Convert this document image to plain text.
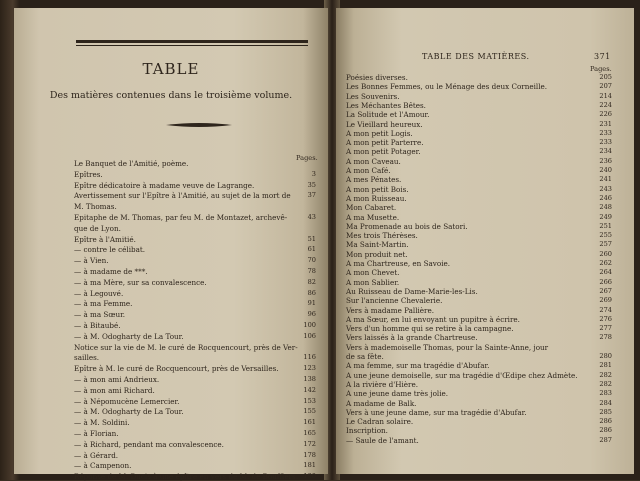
TABLE
Des matières contenues dans le troisième volume.
Pages.
Le Banquet de l'Amitié, poème.
Epîtres.	3
Epître dédicatoire à madame veuve de Lagrange.	35
Avertissement sur l'Epître à l'Amitié, au sujet de la mort de	37
M. Thomas.
Epitaphe de M. Thomas, par feu M. de Montazet, archevê-	43
que de Lyon.
Epître à l'Amitié.	51
— contre le célibat.	61
— à Vien.	70
— à madame de ***.	78
— à ma Mère, sur sa convalescence.	82
— à Legouvé.	86
— à ma Femme.	91
— à ma Sœur.	96
— à Bitaubé.	100
— à M. Odogharty de La Tour.	106
Notice sur la vie de M. le curé de Rocquencourt, près de Ver-
sailles.	116
Epître à M. le curé de Rocquencourt, près de Versailles.	123
— à mon ami Andrieux.	138
— à mon ami Richard.	142
— à Népomucène Lemercier.	153
— à M. Odogharty de La Tour.	155
— à M. Soldini.	161
— à Florian.	165
— à Richard, pendant ma convalescence.	172
— à Gérard.	178
— à Campenon.	181
Réponse de M. Ducis à une épître en vers de M. de Boufflers. 190
TABLE DES MATIÈRES.	371
Pages.
Poésies diverses.	205
Les Bonnes Femmes, ou le Ménage des deux Corneille.	207
Les Souvenirs.	214
Les Méchantes Bêtes.	224
La Solitude et l'Amour.	226
Le Vieillard heureux.	231
A mon petit Logis.	233
A mon petit Parterre.	233
A mon petit Potager.	234
A mon Caveau.	236
A mon Café.	240
A mes Pénates.	241
A mon petit Bois.	243
A mon Ruisseau.	246
Mon Cabaret.	248
A ma Musette.	249
Ma Promenade au bois de Satori.	251
Mes trois Thérèses.	255
Ma Saint-Martin.	257
Mon produit net.	260
A ma Chartreuse, en Savoie.	262
A mon Chevet.	264
A mon Sablier.	266
Au Ruisseau de Dame-Marie-les-Lis.	267
Sur l'ancienne Chevalerie.	269
Vers à madame Pallière.	274
A ma Sœur, en lui envoyant un pupitre à écrire.	276
Vers d'un homme qui se retire à la campagne.	277
Vers laissés à la grande Chartreuse.	278
Vers à mademoiselle Thomas, pour la Sainte-Anne, jour
de sa fête.	280
A ma femme, sur ma tragédie d'Abufar.	281
A une jeune demoiselle, sur ma tragédie d'Œdipe chez Admète.	282
A la rivière d'Hière.	282
A une jeune dame très jolie.	283
A madame de Balk.	284
Vers à une jeune dame, sur ma tragédie d'Abufar.	285
Le Cadran solaire.	286
Inscription.	286
— Saule de l'amant.	287
